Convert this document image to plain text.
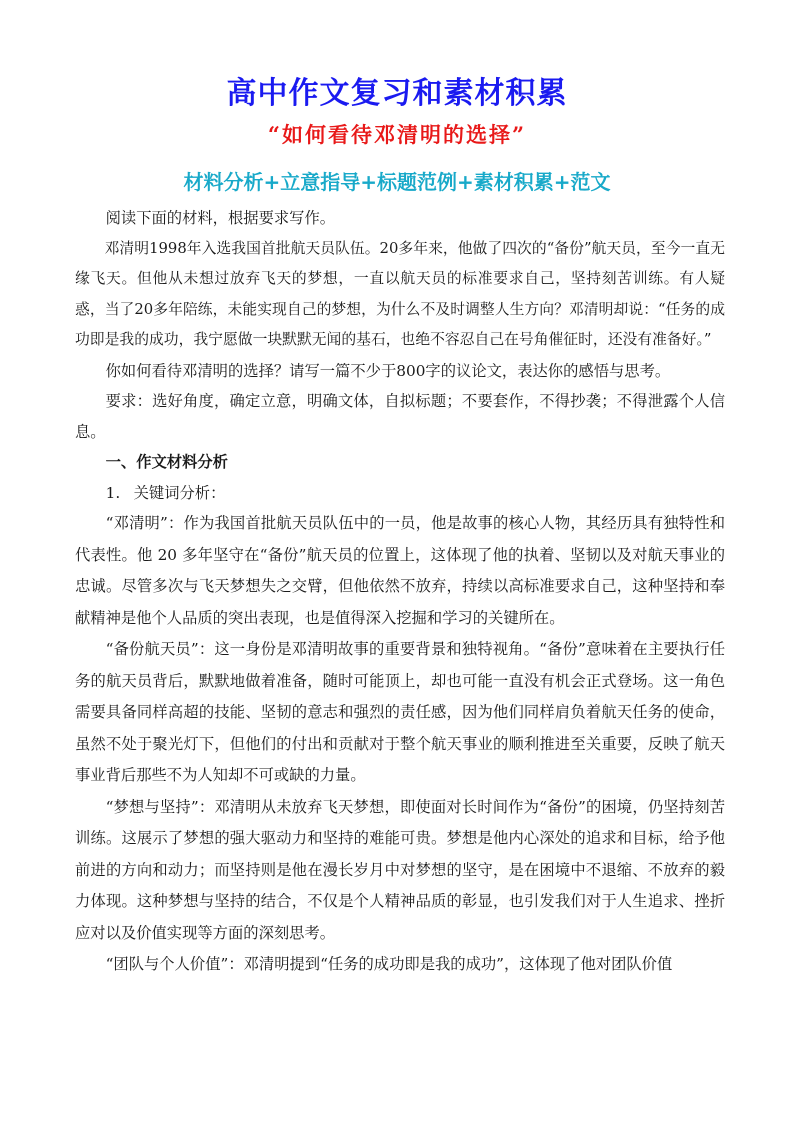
高中作文复习和素材积累
“如何看待邓清明的选择”
材料分析+立意指导+标题范例+素材积累+范文

阅读下面的材料，根据要求写作。

邓清明1998年入选我国首批航天员队伍。20多年来，他做了四次的“备份”航天员，至今一直无缘飞天。但他从未想过放弃飞天的梦想，一直以航天员的标准要求自己，坚持刻苦训练。有人疑惑，当了20多年陪练，未能实现自己的梦想，为什么不及时调整人生方向？邓清明却说：“任务的成功即是我的成功，我宁愿做一块默默无闻的基石，也绝不容忍自己在号角催征时，还没有准备好。”

你如何看待邓清明的选择？请写一篇不少于800字的议论文，表达你的感悟与思考。

要求：选好角度，确定立意，明确文体，自拟标题；不要套作，不得抄袭；不得泄露个人信息。

一、作文材料分析

1. 关键词分析：

“邓清明”：作为我国首批航天员队伍中的一员，他是故事的核心人物，其经历具有独特性和代表性。他 20 多年坚守在“备份”航天员的位置上，这体现了他的执着、坚韧以及对航天事业的忠诚。尽管多次与飞天梦想失之交臂，但他依然不放弃，持续以高标准要求自己，这种坚持和奉献精神是他个人品质的突出表现，也是值得深入挖掘和学习的关键所在。

“备份航天员”：这一身份是邓清明故事的重要背景和独特视角。“备份”意味着在主要执行任务的航天员背后，默默地做着准备，随时可能顶上，却也可能一直没有机会正式登场。这一角色需要具备同样高超的技能、坚韧的意志和强烈的责任感，因为他们同样肩负着航天任务的使命，虽然不处于聚光灯下，但他们的付出和贡献对于整个航天事业的顺利推进至关重要，反映了航天事业背后那些不为人知却不可或缺的力量。

“梦想与坚持”：邓清明从未放弃飞天梦想，即使面对长时间作为“备份”的困境，仍坚持刻苦训练。这展示了梦想的强大驱动力和坚持的难能可贵。梦想是他内心深处的追求和目标，给予他前进的方向和动力；而坚持则是他在漫长岁月中对梦想的坚守，是在困境中不退缩、不放弃的毅力体现。这种梦想与坚持的结合，不仅是个人精神品质的彰显，也引发我们对于人生追求、挫折应对以及价值实现等方面的深刻思考。

“团队与个人价值”：邓清明提到“任务的成功即是我的成功”，这体现了他对团队价值
